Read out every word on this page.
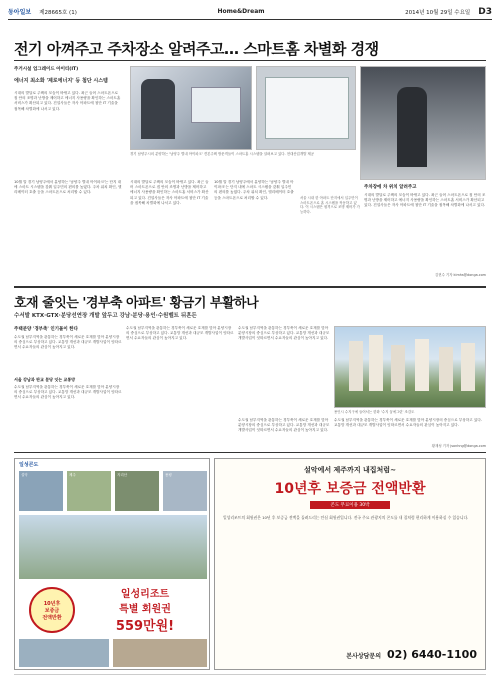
동아일보 제28665호 (1)	Home&Dream	2014년 10월 29일 수요일 D3
전기 아껴주고 주차장소 알려주고… 스마트홈 차별화 경쟁
주거시설 업그레이드 아이티(IT)
에너지 최소화 '제로에너지' 등 첨단 시스템
시대의 발달로 주택의 모습이 바뀌고 있다. 최근 들어 스마트폰으로 집 안의 조명과 난방을 제어하고 에너지 사용량을 확인하는 스마트홈 서비스가 확산되고 있다. 건설사들은 자사 아파트에 첨단 IT 기술을 접목해 차별화에 나서고 있다.
경기 남양주시의 분양하는 '남양주 별내 아이파크' 견본주택 방문객들이 스마트홈 시스템을 살펴보고 있다. 현대산업개발 제공
서울 시내 한 아파트 단지에서 입주민이 스마트폰으로 홈 시스템을 작동하고 있다. 이 시스템은 원격으로 조명 제어가 가능하다.
10월 말 경기 남양주에서 분양하는 '남양주 별내 아이파크'는 단지 내에 스마트 시스템을 갖춰 입주민의 편의를 높였다. 주차 위치 확인, 엘리베이터 호출 등을 스마트폰으로 처리할 수 있다.
시대의 발달로 주택의 모습이 바뀌고 있다. 최근 들어 스마트폰으로 집 안의 조명과 난방을 제어하고 에너지 사용량을 확인하는 스마트홈 서비스가 확산되고 있다. 건설사들은 자사 아파트에 첨단 IT 기술을 접목해 차별화에 나서고 있다.
10월 말 경기 남양주에서 분양하는 '남양주 별내 아이파크'는 단지 내에 스마트 시스템을 갖춰 입주민의 편의를 높였다. 주차 위치 확인, 엘리베이터 호출 등을 스마트폰으로 처리할 수 있다.
주차장에 차 위치 알려주고
시대의 발달로 주택의 모습이 바뀌고 있다. 최근 들어 스마트폰으로 집 안의 조명과 난방을 제어하고 에너지 사용량을 확인하는 스마트홈 서비스가 확산되고 있다. 건설사들은 자사 아파트에 첨단 IT 기술을 접목해 차별화에 나서고 있다.
김현수 기자 kimhs@donga.com
호재 줄잇는 '경부축 아파트' 황금기 부활하나
수서발 KTX·GTX·분당선연장 개발 앞두고 강남·분당·용인·수원벨트 뒤흔든
주택분양 '경부축' 인기몰이 한다
수도권 남부지역을 관통하는 경부축이 새로운 호재를 맞아 분양시장의 중심으로 부상하고 있다. 교통망 개선과 대규모 개발사업이 잇따르면서 수요자들의 관심이 높아지고 있다.
서울 강남과 판교 분당 잇는 교통망
수도권 남부지역을 관통하는 경부축이 새로운 호재를 맞아 분양시장의 중심으로 부상하고 있다. 교통망 개선과 대규모 개발사업이 잇따르면서 수요자들의 관심이 높아지고 있다.
수도권 남부지역을 관통하는 경부축이 새로운 호재를 맞아 분양시장의 중심으로 부상하고 있다. 교통망 개선과 대규모 개발사업이 잇따르면서 수요자들의 관심이 높아지고 있다.
수도권 남부지역을 관통하는 경부축이 새로운 호재를 맞아 분양시장의 중심으로 부상하고 있다. 교통망 개선과 대규모 개발사업이 잇따르면서 수요자들의 관심이 높아지고 있다.
용인시 수지구에 들어서는 한화 '수지 꿈에그린' 조감도
수도권 남부지역을 관통하는 경부축이 새로운 호재를 맞아 분양시장의 중심으로 부상하고 있다. 교통망 개선과 대규모 개발사업이 잇따르면서 수요자들의 관심이 높아지고 있다.
수도권 남부지역을 관통하는 경부축이 새로운 호재를 맞아 분양시장의 중심으로 부상하고 있다. 교통망 개선과 대규모 개발사업이 잇따르면서 수요자들의 관심이 높아지고 있다.
황재성 기자 jsonhng@donga.com
일성콘도
설악	제주	지리산	용평
10년후
보증금
전액반환
일성리조트
특별 회원권
559만원!
설악에서 제주까지 내집처럼~
10년후 보증금 전액반환
콘도 무료이용 30박
일성리조트의 회원권은 10년 후 보증금 전액을 돌려드리는 안심 회원권입니다. 전국 주요 관광지의 콘도를 내 집처럼 편리하게 이용하실 수 있습니다.
본사상담문의 02) 6440-1100
